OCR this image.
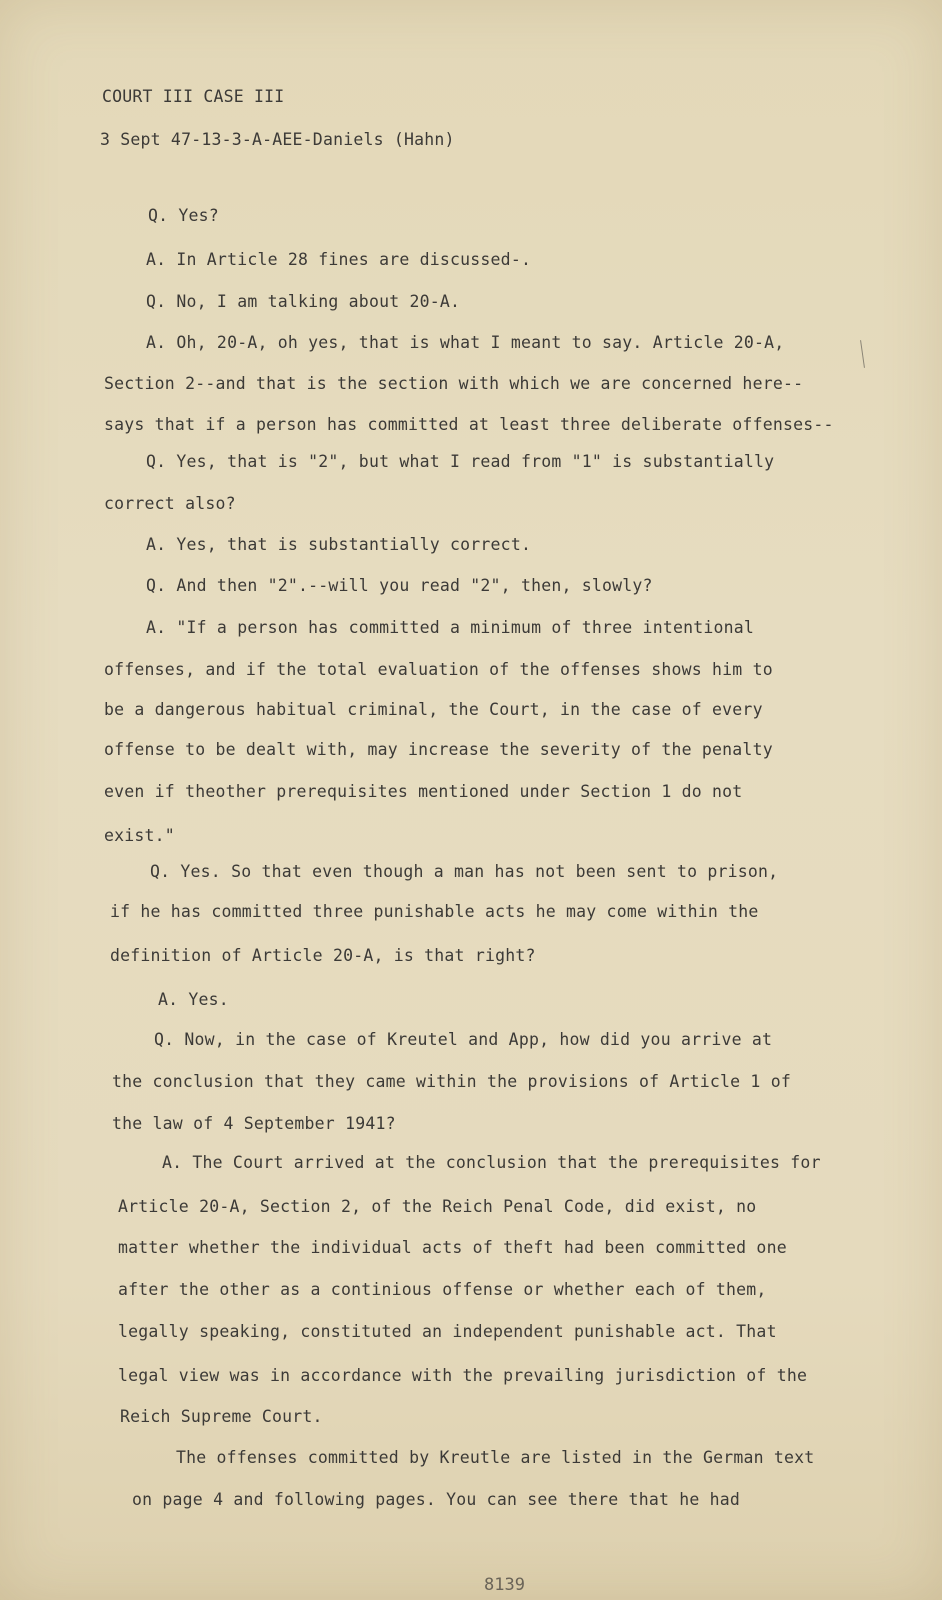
COURT III CASE III
3 Sept 47-13-3-A-AEE-Daniels (Hahn)
Q. Yes?
A. In Article 28 fines are discussed-.
Q. No, I am talking about 20-A.
A. Oh, 20-A, oh yes, that is what I meant to say. Article 20-A,
Section 2--and that is the section with which we are concerned here--
says that if a person has committed at least three deliberate offenses--
Q. Yes, that is "2", but what I read from "1" is substantially
correct also?
A. Yes, that is substantially correct.
Q. And then "2".--will you read "2", then, slowly?
A. "If a person has committed a minimum of three intentional
offenses, and if the total evaluation of the offenses shows him to
be a dangerous habitual criminal, the Court, in the case of every
offense to be dealt with, may increase the severity of the penalty
even if theother prerequisites mentioned under Section 1 do not
exist."
Q. Yes. So that even though a man has not been sent to prison,
if he has committed three punishable acts he may come within the
definition of Article 20-A, is that right?
A. Yes.
Q. Now, in the case of Kreutel and App, how did you arrive at
the conclusion that they came within the provisions of Article 1 of
the law of 4 September 1941?
A. The Court arrived at the conclusion that the prerequisites for
Article 20-A, Section 2, of the Reich Penal Code, did exist, no
matter whether the individual acts of theft had been committed one
after the other as a continious offense or whether each of them,
legally speaking, constituted an independent punishable act. That
legal view was in accordance with the prevailing jurisdiction of the
Reich Supreme Court.
The offenses committed by Kreutle are listed in the German text
on page 4 and following pages. You can see there that he had
8139
